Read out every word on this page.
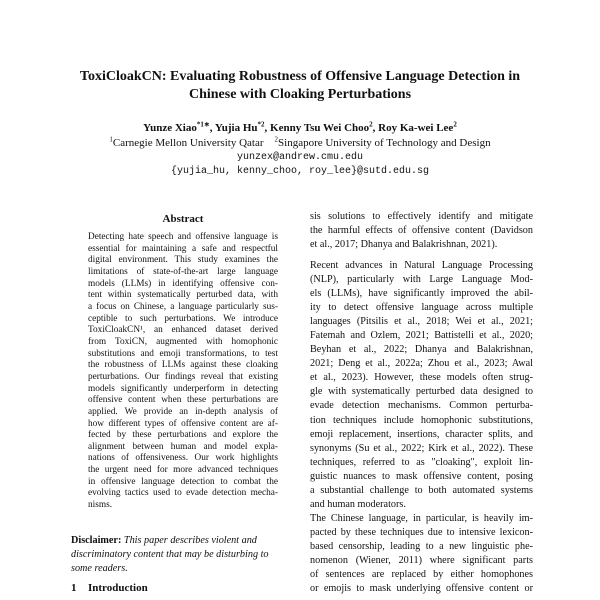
ToxiCloakCN: Evaluating Robustness of Offensive Language Detection in
Chinese with Cloaking Perturbations
Yunze Xiao$^{*1∗}$, Yujia Hu$^{*2}$, Kenny Tsu Wei Choo$^2$, Roy Ka-wei Lee$^2$
$^1$Carnegie Mellon University Qatar $^2$Singapore University of Technology and Design
yunzex@andrew.cmu.edu
{yujia_hu, kenny_choo, roy_lee}@sutd.edu.sg
Abstract
Detecting hate speech and offensive language is
essential for maintaining a safe and respectful
digital environment. This study examines the
limitations of state-of-the-art large language
models (LLMs) in identifying offensive con-
tent within systematically perturbed data, with
a focus on Chinese, a language particularly sus-
ceptible to such perturbations. We introduce
ToxiCloakCN¹, an enhanced dataset derived
from ToxiCN, augmented with homophonic
substitutions and emoji transformations, to test
the robustness of LLMs against these cloaking
perturbations. Our findings reveal that existing
models significantly underperform in detecting
offensive content when these perturbations are
applied. We provide an in-depth analysis of
how different types of offensive content are af-
fected by these perturbations and explore the
alignment between human and model expla-
nations of offensiveness. Our work highlights
the urgent need for more advanced techniques
in offensive language detection to combat the
evolving tactics used to evade detection mecha-
nisms.
Disclaimer: This paper describes violent and
discriminatory content that may be disturbing to
some readers.
1 Introduction
sis solutions to effectively identify and mitigate
the harmful effects of offensive content (Davidson
et al., 2017; Dhanya and Balakrishnan, 2021).
Recent advances in Natural Language Processing
(NLP), particularly with Large Language Mod-
els (LLMs), have significantly improved the abil-
ity to detect offensive language across multiple
languages (Pitsilis et al., 2018; Wei et al., 2021;
Fatemah and Ozlem, 2021; Battistelli et al., 2020;
Beyhan et al., 2022; Dhanya and Balakrishnan,
2021; Deng et al., 2022a; Zhou et al., 2023; Awal
et al., 2023). However, these models often strug-
gle with systematically perturbed data designed to
evade detection mechanisms. Common perturba-
tion techniques include homophonic substitutions,
emoji replacement, insertions, character splits, and
synonyms (Su et al., 2022; Kirk et al., 2022). These
techniques, referred to as "cloaking", exploit lin-
guistic nuances to mask offensive content, posing
a substantial challenge to both automated systems
and human moderators.
The Chinese language, in particular, is heavily im-
pacted by these techniques due to intensive lexicon-
based censorship, leading to a new linguistic phe-
nomenon (Wiener, 2011) where significant parts
of sentences are replaced by either homophones
or emojis to mask underlying offensive content or
